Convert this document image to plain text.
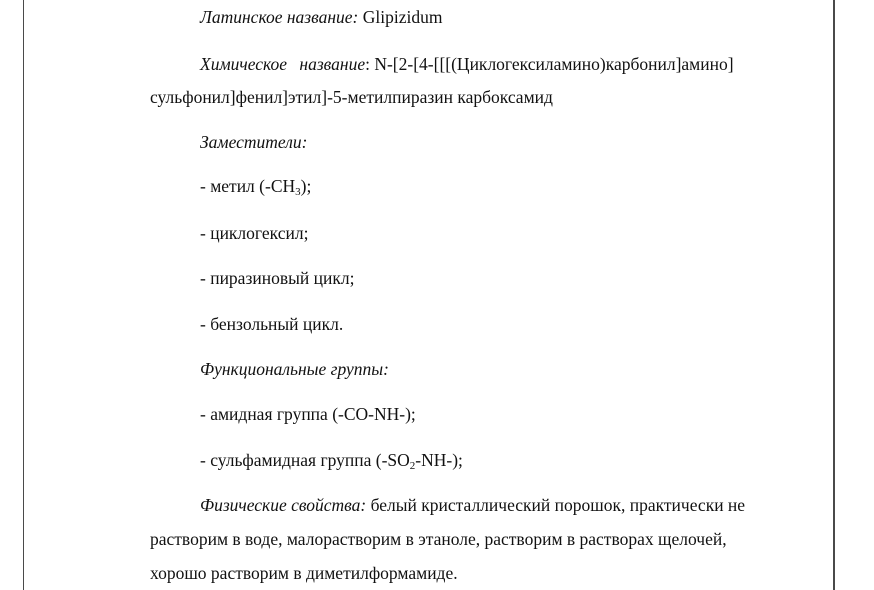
Латинское название: Glipizidum
Химическое название : N-[2-[4-[[[(Циклогексиламино)карбонил]амино]
сульфонил]фенил]этил]-5-метилпиразин карбоксамид
Заместители:
- метил $(-CH_3)$;
- циклогексил;
- пиразиновый цикл;
- бензольный цикл.
Функциональные группы:
- амидная группа (-CO-NH-);
- сульфамидная группа $(-SO_2-NH-)$;
Физические свойства: белый кристаллический порошок, практически не
растворим в воде, малорастворим в этаноле, растворим в растворах щелочей,
хорошо растворим в диметилформамиде.
